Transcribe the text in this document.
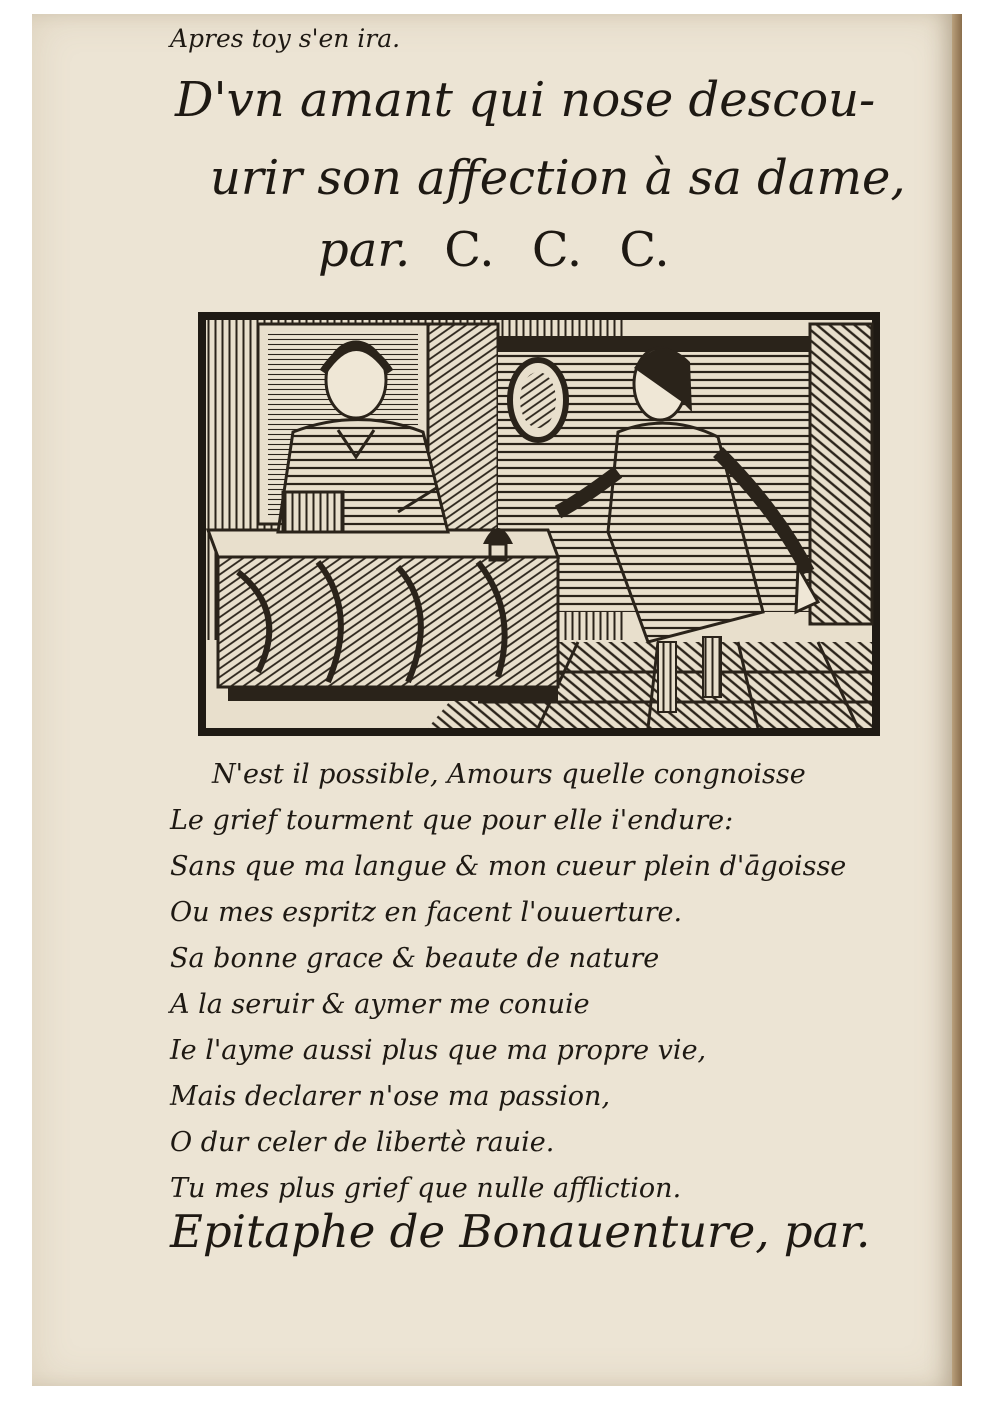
Apres toy s'en ira.
D'vn amant qui nose descou-
urir son affection à sa dame,
par. C. C. C.
N'est il possible, Amours quelle congnoisse
Le grief tourment que pour elle i'endure:
Sans que ma langue & mon cueur plein d'āgoisse
Ou mes espritz en facent l'ouuerture.
Sa bonne grace & beaute de nature
A la seruir & aymer me conuie
Ie l'ayme aussi plus que ma propre vie,
Mais declarer n'ose ma passion,
O dur celer de libertè rauie.
Tu mes plus grief que nulle affliction.
Epitaphe de Bonauenture, par.
